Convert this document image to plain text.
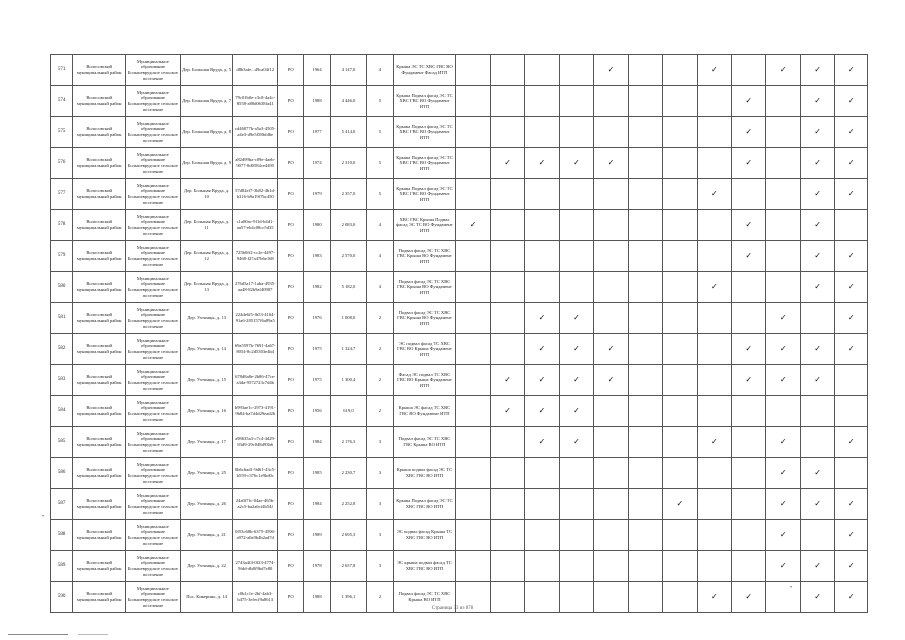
571	Волосовский муниципальный район	Муниципальное образование Большеврудское сельское поселение	Дер. Большая Вруда, д. 5	d8b3afe...d9ca04f12	РО	1964	4 147,0	4	Крыша ЭС ТС ХВС ГВС ВО Фундамент Фасад ИТП					✓			✓		✓	✓	✓
574	Волосовский муниципальный район	Муниципальное образование Большеврудское сельское поселение	Дер. Большая Вруда, д. 7	79c01b0e-c3c8-4a4c-8558-a88d0638fa41	РО	1988	4 446,0	5	Крыша Подвал фасад ЭС ТС ХВС ГВС ВО Фундамент ИТП									✓		✓	✓
575	Волосовский муниципальный район	Муниципальное образование Большеврудское сельское поселение	Дер. Большая Вруда, д. 8	cd46077b-a5a3-4505-a4e3-d9e5f58bfd6e	РО	1977	5 414,0	5	Крыша Подвал фасад ЭС ТС ХВС ГВС ВО Фундамент ИТП									✓		✓	✓
576	Волосовский муниципальный район	Муниципальное образование Большеврудское сельское поселение	Дер. Большая Вруда, д. 9	a82d99ba-c09e-4aeb-9077-8d0584ce4495	РО	1974	2 310,0	5	Крыша Подвал фасад ЭС ТС ХВС ГВС ВО Фундамент ИТП		✓	✓	✓	✓				✓		✓	✓
577	Волосовский муниципальный район	Муниципальное образование Большеврудское сельское поселение	Дер. Большая Вруда, д. 10	57d82ef7-3b82-4b1d-b316-b9a19f7bc450	РО	1979	2 357,0	5	Крыша Подвал фасад ЭС ТС ХВС ГВС ВО Фундамент ИТП								✓			✓	✓
578	Волосовский муниципальный район	Муниципальное образование Большеврудское сельское поселение	Дер. Большая Вруда, д. 11	c1a00ac-9f1d-b4d1-aa57-eb4c08cc5d35	РО	1980	2 083,0	4	ХВС ГВС Крыша Подвал фасад ЭС ТС ВО Фундамент ИТП	✓								✓		✓	
579	Волосовский муниципальный район	Муниципальное образование Большеврудское сельское поселение	Дер. Большая Вруда, д. 12	725b0ff2-cc2e-4497-9468-f27a47b6e168	РО	1983	2 570,0	4	Подвал фасад ЭС ТС ХВС ГВС Крыша ВО Фундамент ИТП									✓		✓	✓
580	Волосовский муниципальный район	Муниципальное образование Большеврудское сельское поселение	Дер. Большая Вруда, д. 13	276d5a17-1aba-4935-aa48-82b9af40907	РО	1982	5 182,0	4	Подвал фасад ЭС ТС ХВС ГВС Крыша ВО Фундамент ИТП								✓			✓	✓
581	Волосовский муниципальный район	Муниципальное образование Большеврудское сельское поселение	Дер. Ухтинцы, д. 13	224de6f5-fb53-4164-91a6-285157f6a89a5	РО	1976	1 008,0	2	Подвал фасад ЭС ТС ХВС ГВС Крыша ВО Фундамент ИТП			✓	✓						✓		✓
582	Волосовский муниципальный район	Муниципальное образование Большеврудское сельское поселение	Дер. Ухтинцы, д. 14	69a5597b-7691-4a67-8054-8c2d5303e4b4	РО	1975	1 324,7	2	ЭС подвал фасад ТС ХВС ГВС ВО Крыша Фундамент ИТП			✓	✓	✓				✓	✓	✓	✓
583	Волосовский муниципальный район	Муниципальное образование Большеврудское сельское поселение	Дер. Ухтинцы, д. 15	678d8a8e-2b86-47ce-a3da-9572723c7d4b	РО	1975	1 300,4	2	Фасад ЭС подвал ТС ХВС ГВС ВО Крыша Фундамент ИТП		✓	✓	✓	✓				✓	✓	✓	
584	Волосовский муниципальный район	Муниципальное образование Большеврудское сельское поселение	Дер. Ухтинцы, д. 16	b993ae1c-2973-4191-9b84-ba7d4d29ead2b	РО	1956	619,0	2	Крыша ЭС фасад ТС ХВС ГВС ВО Фундамент ИТП		✓	✓	✓								
585	Волосовский муниципальный район	Муниципальное образование Большеврудское сельское поселение	Дер. Ухтинцы, д. 17	a98635a3-c7c4-4d29-83d9-29c048d93b6	РО	1984	2 176,3	3	Подвал фасад ЭС ТС ХВС ГВС Крыша ВО ИТП			✓	✓				✓		✓		✓
586	Волосовский муниципальный район	Муниципальное образование Большеврудское сельское поселение	Дер. Ухтинцы, д. 25	0b6c6ad1-9d61-43c5-b559-c376c1e9bd0c	РО	1985	2 230,7	3	Крыша подвал фасад ЭС ТС ХВС ГВС ВО ИТП										✓	✓	
587	Волосовский муниципальный район	Муниципальное образование Большеврудское сельское поселение	Дер. Ухтинцы, д. 26	24a0f7fc-04ae-465b-a2c5-ba2a6cf4b54f	РО	1984	2 252,8	3	Крыша Подвал фасад ЭС ТС ХВС ГВС ВО ИТП							✓			✓	✓	✓
588	Волосовский муниципальный район	Муниципальное образование Большеврудское сельское поселение	Дер. Ухтинцы, д. 21	0f53c68b-6375-4596-a972-a0a9b4b2ad7d	РО	1989	2 695,3	3	ЭС подвал фасад Крыша ТС ХВС ГВС ВО ИТП										✓		✓
589	Волосовский муниципальный район	Муниципальное образование Большеврудское сельское поселение	Дер. Ухтинцы, д. 22	2743a4f4-0f23-4774-9fdd-db8f9bd7e80	РО	1978	2 657,8	3	ЭС крыша подвал фасад ТС ХВС ГВС ВО ИТП										✓	✓	✓
590	Волосовский муниципальный район	Муниципальное образование Большеврудское сельское поселение	Пос. Кикерино, д. 14	c0b1c1e-2bf-4ab3-b475-3efecf9a8613	РО	1988	1 396,1	2	Подвал фасад ЭС ТС ХВС Крыша ВО ИТП								✓	✓		✓	✓
•
•
Страница 33 из 878
